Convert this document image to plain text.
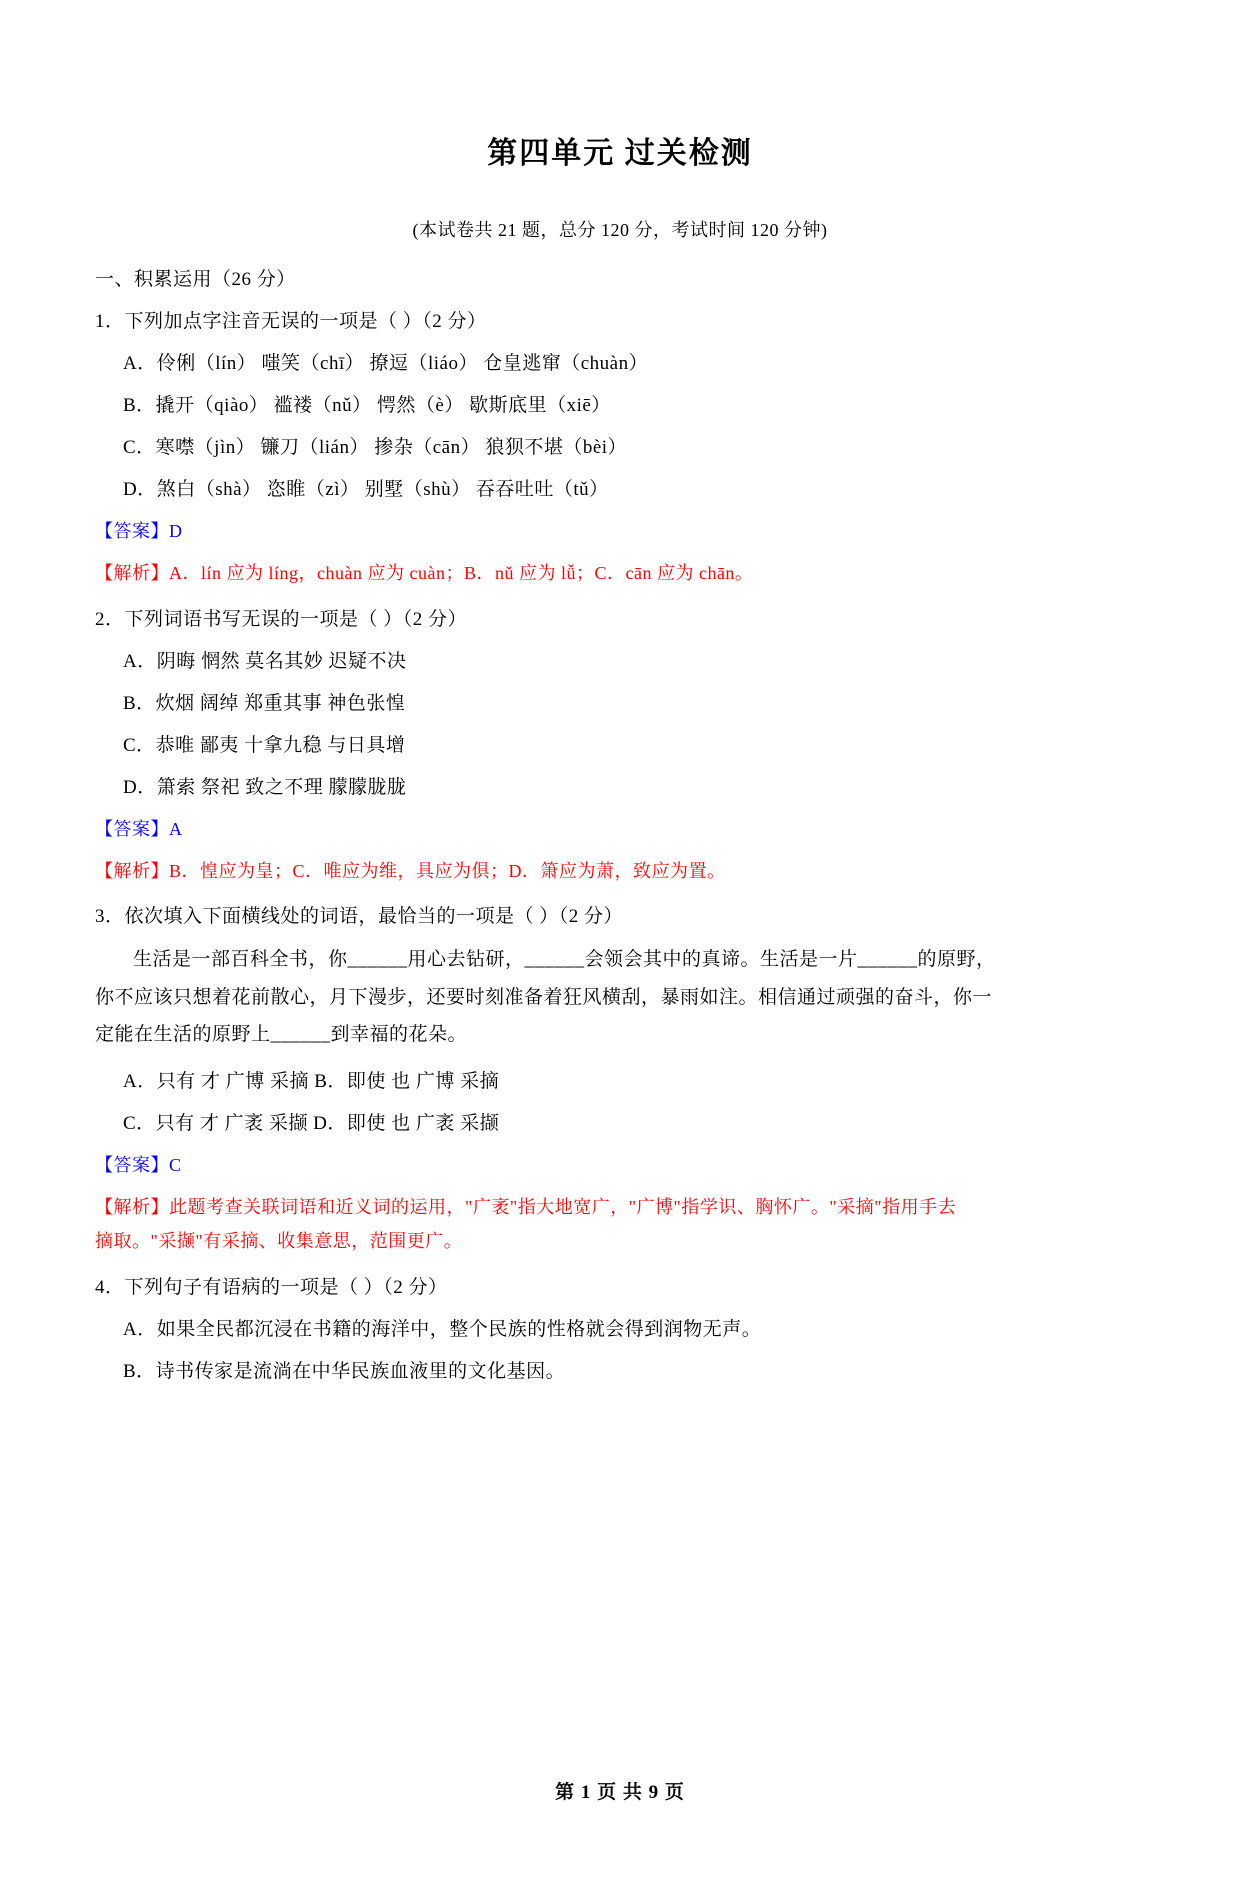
第四单元 过关检测
(本试卷共 21 题，总分 120 分，考试时间 120 分钟)
一、积累运用（26 分）
1．下列加点字注音无误的一项是（ ）（2 分）
A．伶俐（lín） 嗤笑（chī） 撩逗（liáo） 仓皇逃窜（chuàn）
B．撬开（qiào） 褴褛（nǔ） 愕然（è） 歇斯底里（xiē）
C．寒噤（jìn） 镰刀（lián） 掺杂（cān） 狼狈不堪（bèi）
D．煞白（shà） 恣睢（zì） 别墅（shù） 吞吞吐吐（tǔ）
【答案】D
【解析】A．lín 应为 líng，chuàn 应为 cuàn；B．nǔ 应为 lǚ；C．cān 应为 chān。
2．下列词语书写无误的一项是（ ）（2 分）
A．阴晦 惘然 莫名其妙 迟疑不决
B．炊烟 阔绰 郑重其事 神色张惶
C．恭唯 鄙夷 十拿九稳 与日具增
D．箫索 祭祀 致之不理 朦朦胧胧
【答案】A
【解析】B．惶应为皇；C．唯应为维，具应为俱；D．箫应为萧，致应为置。
3．依次填入下面横线处的词语，最恰当的一项是（ ）（2 分）
生活是一部百科全书，你______用心去钻研，______会领会其中的真谛。生活是一片______的原野，
你不应该只想着花前散心，月下漫步，还要时刻准备着狂风横刮，暴雨如注。相信通过顽强的奋斗，你一
定能在生活的原野上______到幸福的花朵。
A．只有 才 广博 采摘 B．即使 也 广博 采摘
C．只有 才 广袤 采撷 D．即使 也 广袤 采撷
【答案】C
【解析】此题考查关联词语和近义词的运用，"广袤"指大地宽广，"广博"指学识、胸怀广。"采摘"指用手去
摘取。"采撷"有采摘、收集意思，范围更广。
4．下列句子有语病的一项是（ ）（2 分）
A．如果全民都沉浸在书籍的海洋中，整个民族的性格就会得到润物无声。
B．诗书传家是流淌在中华民族血液里的文化基因。
第 1 页 共 9 页
